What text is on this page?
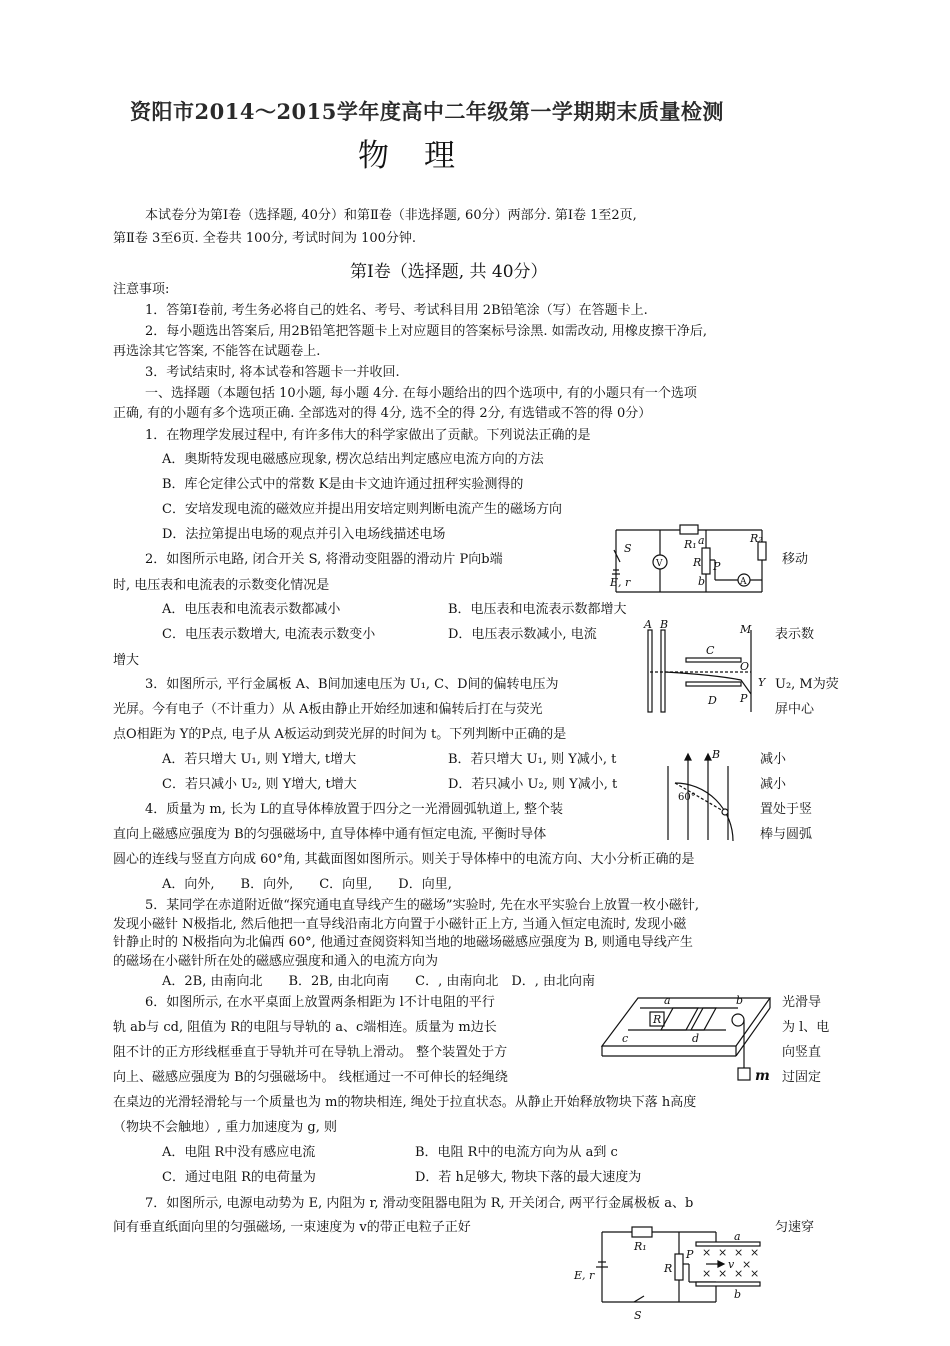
资阳市2014～2015学年度高中二年级第一学期期末质量检测
物　理
本试卷分为第Ⅰ卷（选择题, 40分）和第Ⅱ卷（非选择题, 60分）两部分. 第Ⅰ卷 1至2页,
第Ⅱ卷 3至6页. 全卷共 100分, 考试时间为 100分钟.
第Ⅰ卷（选择题, 共 40分）
注意事项:
1．答第Ⅰ卷前, 考生务必将自己的姓名、考号、考试科目用 2B铅笔涂（写）在答题卡上.
2．每小题选出答案后, 用2B铅笔把答题卡上对应题目的答案标号涂黑. 如需改动, 用橡皮擦干净后,
再选涂其它答案, 不能答在试题卷上.
3．考试结束时, 将本试卷和答题卡一并收回.
一、选择题（本题包括 10小题, 每小题 4分. 在每小题给出的四个选项中, 有的小题只有一个选项
正确, 有的小题有多个选项正确. 全部选对的得 4分, 选不全的得 2分, 有选错或不答的得 0分）
1．在物理学发展过程中, 有许多伟大的科学家做出了贡献。下列说法正确的是
A．奥斯特发现电磁感应现象, 楞次总结出判定感应电流方向的方法
B．库仑定律公式中的常数 K是由卡文迪许通过扭秤实验测得的
C．安培发现电流的磁效应并提出用安培定则判断电流产生的磁场方向
D．法拉第提出电场的观点并引入电场线描述电场
2．如图所示电路, 闭合开关 S, 将滑动变阻器的滑动片 P向b端	移动
时, 电压表和电流表的示数变化情况是
A．电压表和电流表示数都减小	B．电压表和电流表示数都增大
C．电压表示数增大, 电流表示数变小	D．电压表示数减小, 电流	表示数
增大
S
E, r
R₁ a
R P
b
R₂
V
A
A B
C
D
M
O
Y
P
3．如图所示, 平行金属板 A、B间加速电压为 U₁, C、D间的偏转电压为	U₂, M为荧
光屏。今有电子（不计重力）从 A板由静止开始经加速和偏转后打在与荧光	屏中心
点O相距为 Y的P点, 电子从 A板运动到荧光屏的时间为 t。下列判断中正确的是
A．若只增大 U₁, 则 Y增大, t增大	B．若只增大 U₁, 则 Y减小, t	减小
C．若只减小 U₂, 则 Y增大, t增大	D．若只减小 U₂, 则 Y减小, t	减小
B
60°
4．质量为 m, 长为 L的直导体棒放置于四分之一光滑圆弧轨道上, 整个装	置处于竖
直向上磁感应强度为 B的匀强磁场中, 直导体棒中通有恒定电流, 平衡时导体	棒与圆弧
圆心的连线与竖直方向成 60°角, 其截面图如图所示。则关于导体棒中的电流方向、大小分析正确的是
A．向外,　　B．向外,　　C．向里,　　D．向里,
5．某同学在赤道附近做“探究通电直导线产生的磁场”实验时, 先在水平实验台上放置一枚小磁针,
发现小磁针 N极指北, 然后他把一直导线沿南北方向置于小磁针正上方, 当通入恒定电流时, 发现小磁
针静止时的 N极指向为北偏西 60°, 他通过查阅资料知当地的地磁场磁感应强度为 B, 则通电导线产生
的磁场在小磁针所在处的磁感应强度和通入的电流方向为
A．2B, 由南向北　　B．2B, 由北向南　　C．, 由南向北　D．, 由北向南
a	b
c	d
R
m
6．如图所示, 在水平桌面上放置两条相距为 l不计电阻的平行	光滑导
轨 ab与 cd, 阻值为 R的电阻与导轨的 a、c端相连。质量为 m边长	为 l、电
阻不计的正方形线框垂直于导轨并可在导轨上滑动。 整个装置处于方	向竖直
向上、磁感应强度为 B的匀强磁场中。 线框通过一不可伸长的轻绳绕	过固定
在桌边的光滑轻滑轮与一个质量也为 m的物块相连, 绳处于拉直状态。从静止开始释放物块下落 h高度
（物块不会触地）, 重力加速度为 g, 则
A．电阻 R中没有感应电流	B．电阻 R中的电流方向为从 a到 c
C．通过电阻 R的电荷量为	D．若 h足够大, 物块下落的最大速度为
7．如图所示, 电源电动势为 E, 内阻为 r, 滑动变阻器电阻为 R, 开关闭合, 两平行金属极板 a、b
间有垂直纸面向里的匀强磁场, 一束速度为 v的带正电粒子正好	匀速穿
R₁
R
P
E, r
S
a
b
v
× × × ×
×
× × × ×
